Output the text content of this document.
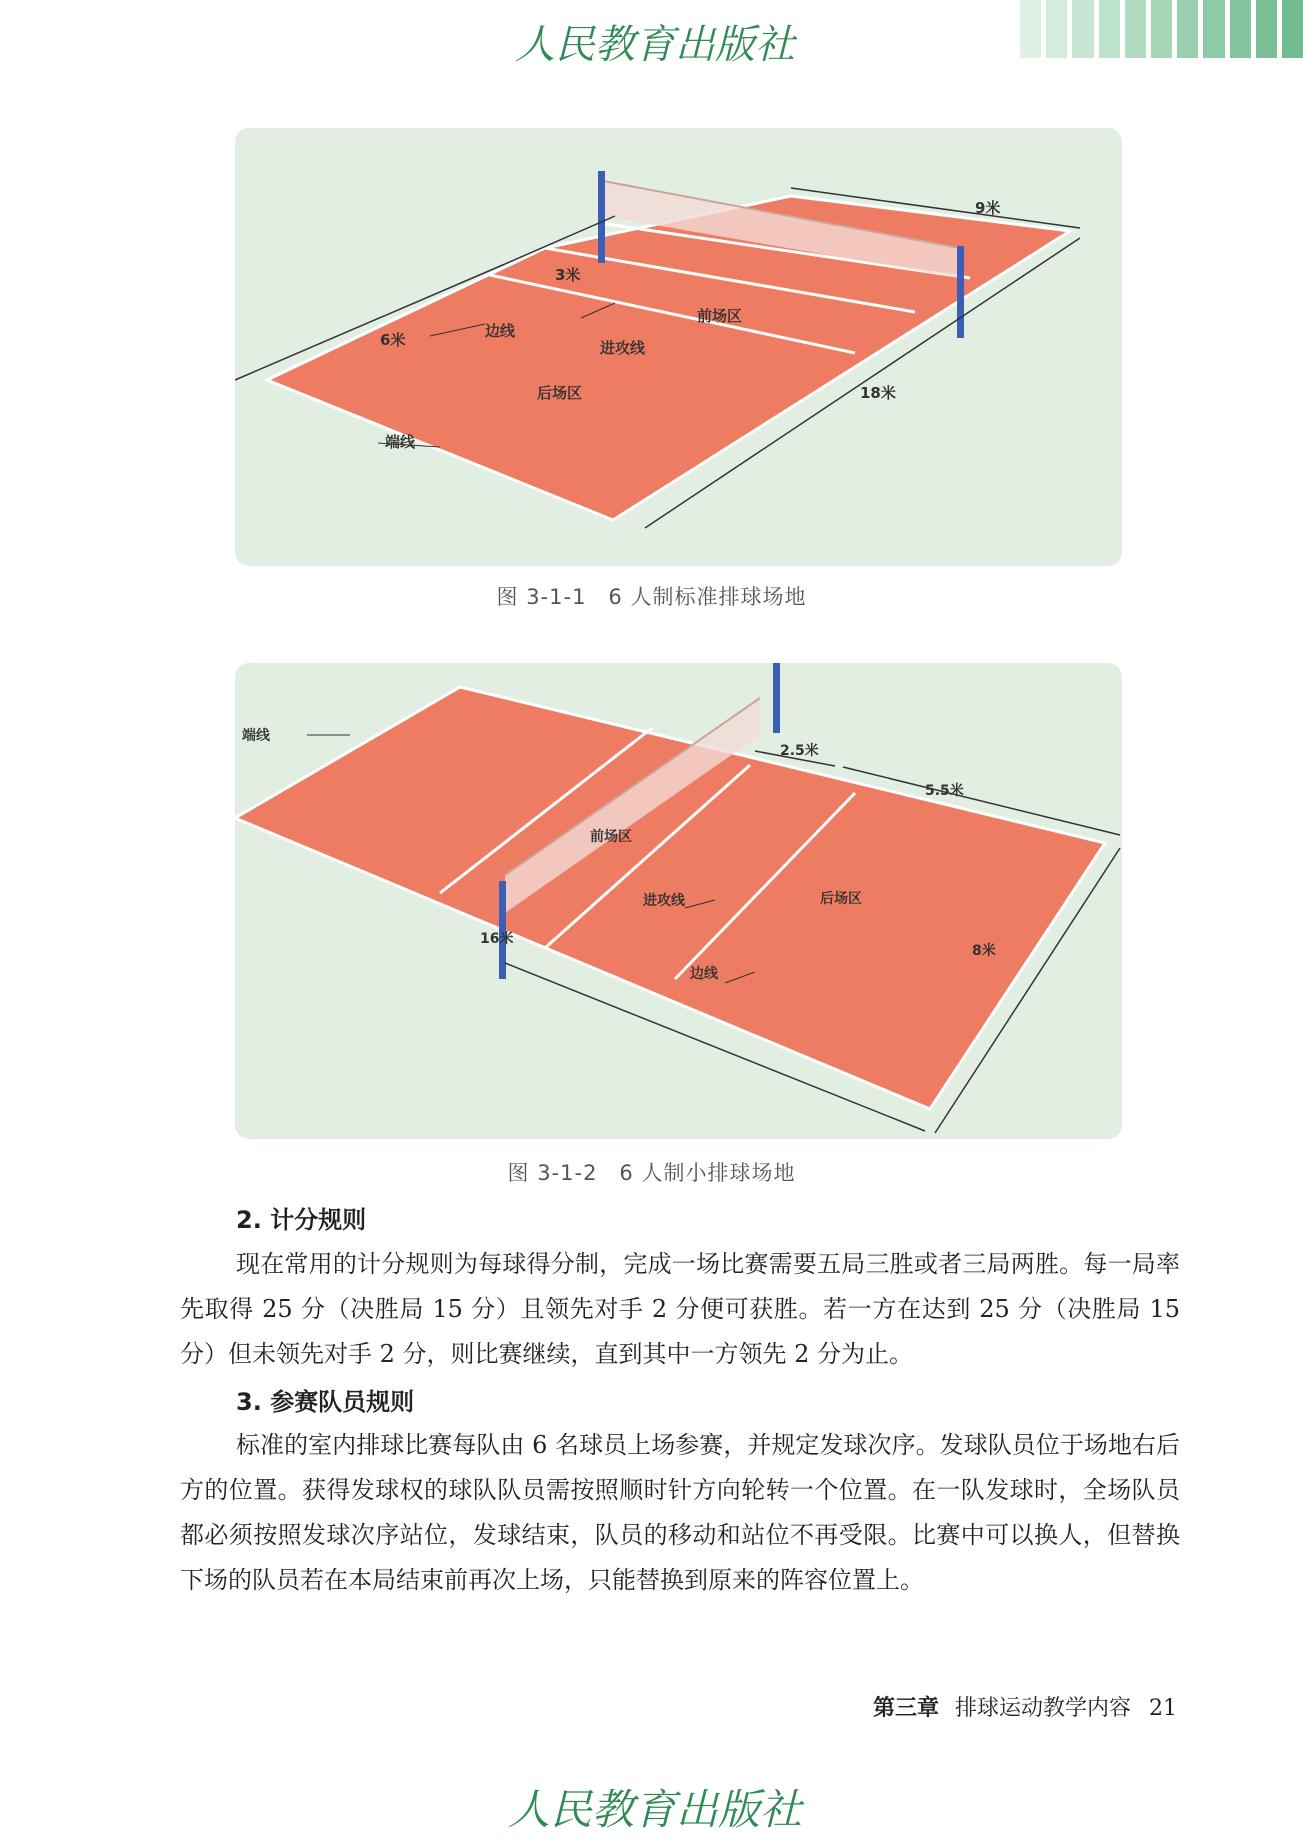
人民教育出版社
9米
3米
6米	边线
进攻线
前场区
后场区	18米
端线
图 3-1-1　6 人制标准排球场地
端线
2.5米
5.5米
前场区
后场区
进攻线
16米
8米
边线
图 3-1-2　6 人制小排球场地
2. 计分规则
现在常用的计分规则为每球得分制，完成一场比赛需要五局三胜或者三局两胜。每一局率先取得 25 分（决胜局 15 分）且领先对手 2 分便可获胜。若一方在达到 25 分（决胜局 15 分）但未领先对手 2 分，则比赛继续，直到其中一方领先 2 分为止。
3. 参赛队员规则
标准的室内排球比赛每队由 6 名球员上场参赛，并规定发球次序。发球队员位于场地右后方的位置。获得发球权的球队队员需按照顺时针方向轮转一个位置。在一队发球时，全场队员都必须按照发球次序站位，发球结束，队员的移动和站位不再受限。比赛中可以换人，但替换下场的队员若在本局结束前再次上场，只能替换到原来的阵容位置上。
第三章 排球运动教学内容 21
人民教育出版社
